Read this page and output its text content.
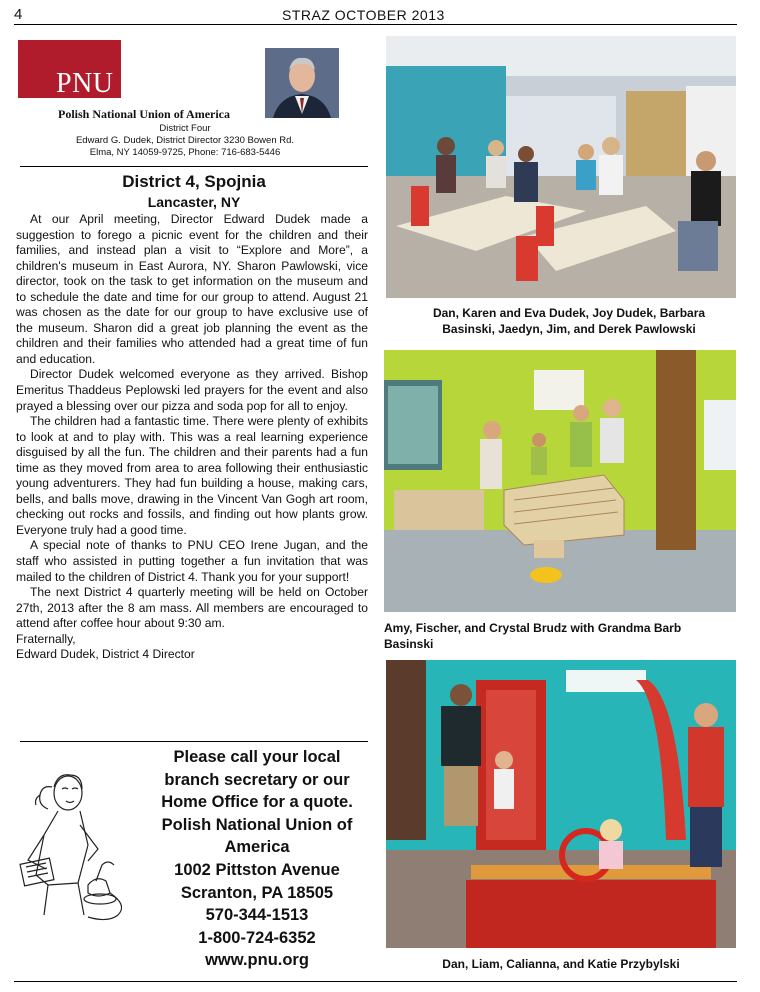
4	STRAZ OCTOBER 2013
PNU
Polish National Union of America
District Four
Edward G. Dudek, District Director 3230 Bowen Rd.
Elma, NY 14059-9725, Phone: 716-683-5446
District 4, Spojnia
Lancaster, NY

At our April meeting, Director Edward Dudek made a suggestion to forego a picnic event for the children and their families, and instead plan a visit to “Explore and More”, a children's museum in East Aurora, NY. Sharon Pawlowski, vice director, took on the task to get information on the museum and to schedule the date and time for our group to attend. August 21 was chosen as the date for our group to have exclusive use of the museum. Sharon did a great job planning the event as the children and their families who attended had a great time of fun and education.

Director Dudek welcomed everyone as they arrived. Bishop Emeritus Thaddeus Peplowski led prayers for the event and also prayed a blessing over our pizza and soda pop for all to enjoy.

The children had a fantastic time. There were plenty of exhibits to look at and to play with. This was a real learning experience disguised by all the fun. The children and their parents had a fun time as they moved from area to area following their enthusiastic young adventurers. They had fun building a house, making cars, bells, and balls move, drawing in the Vincent Van Gogh art room, checking out rocks and fossils, and finding out how plants grow. Everyone truly had a good time.

A special note of thanks to PNU CEO Irene Jugan, and the staff who assisted in putting together a fun invitation that was mailed to the children of District 4. Thank you for your support!

The next District 4 quarterly meeting will be held on October 27th, 2013 after the 8 am mass. All members are encouraged to attend after coffee hour about 9:30 am.

Fraternally,

Edward Dudek, District 4 Director

Please call your local
branch secretary or our
Home Office for a quote.
Polish National Union of
America
1002 Pittston Avenue
Scranton, PA 18505
570-344-1513
1-800-724-6352
www.pnu.org
Dan, Karen and Eva Dudek, Joy Dudek, Barbara
Basinski, Jaedyn, Jim, and Derek Pawlowski
Amy, Fischer, and Crystal Brudz with Grandma Barb
Basinski
Dan, Liam, Calianna, and Katie Przybylski
